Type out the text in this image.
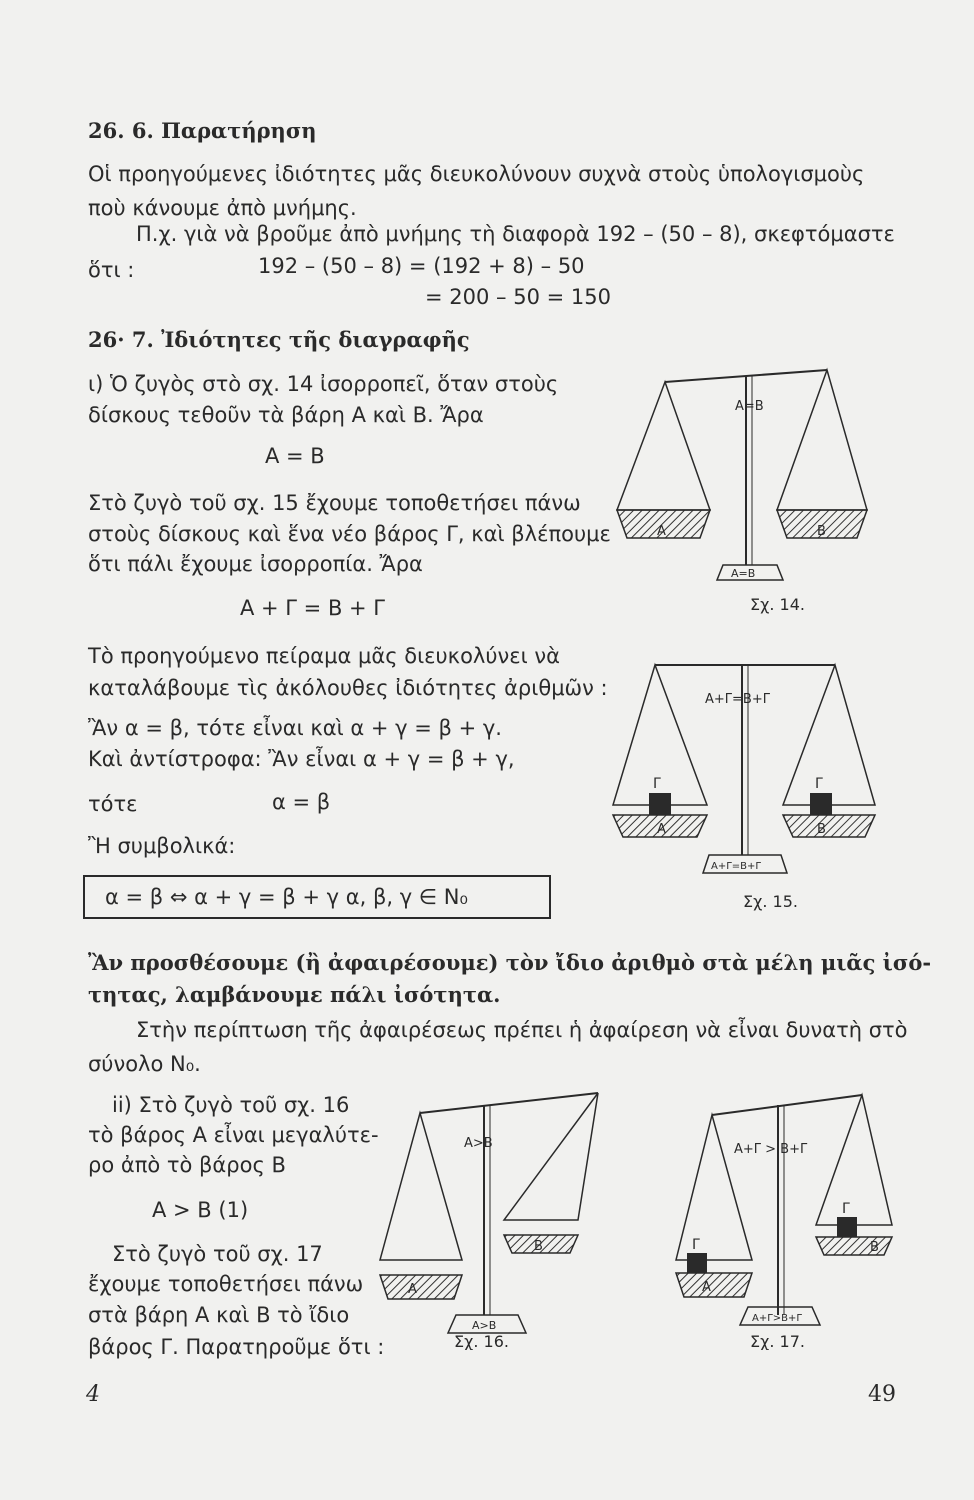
26. 6. Παρατήρηση
Οἱ προηγούμενες ἰδιότητες μᾶς διευκολύνουν συχνὰ στοὺς ὑπολογισμοὺς
ποὺ κάνουμε ἀπὸ μνήμης.
Π.χ. γιὰ νὰ βροῦμε ἀπὸ μνήμης τὴ διαφορὰ 192 – (50 – 8), σκεφτόμαστε
ὅτι :	192 – (50 – 8) = (192 + 8) – 50
= 200 – 50 = 150
26· 7. Ἰδιότητες τῆς διαγραφῆς
ι) Ὁ ζυγὸς στὸ σχ. 14 ἰσορροπεῖ, ὅταν στοὺς
δίσκους τεθοῦν τὰ βάρη Α καὶ Β. Ἄρα
Α = Β
Στὸ ζυγὸ τοῦ σχ. 15 ἔχουμε τοποθετήσει πάνω
στοὺς δίσκους καὶ ἕνα νέο βάρος Γ, καὶ βλέπουμε
ὅτι πάλι ἔχουμε ἰσορροπία. Ἄρα
Α + Γ = Β + Γ
Τὸ προηγούμενο πείραμα μᾶς διευκολύνει νὰ
καταλάβουμε τὶς ἀκόλουθες ἰδιότητες ἀριθμῶν :
Ἂν α = β, τότε εἶναι καὶ α + γ = β + γ.
Καὶ ἀντίστροφα: Ἂν εἶναι α + γ = β + γ,
τότε	α = β
Ἢ συμβολικά:
α = β ⇔ α + γ = β + γ α, β, γ ∈ N₀
Ἂν προσθέσουμε (ἢ ἀφαιρέσουμε) τὸν ἴδιο ἀριθμὸ στὰ μέλη μιᾶς ἰσό-
τητας, λαμβάνουμε πάλι ἰσότητα.
Στὴν περίπτωση τῆς ἀφαιρέσεως πρέπει ἡ ἀφαίρεση νὰ εἶναι δυνατὴ στὸ
σύνολο N₀.
ii) Στὸ ζυγὸ τοῦ σχ. 16
τὸ βάρος Α εἶναι μεγαλύτε-
ρο ἀπὸ τὸ βάρος Β
Α > Β (1)
Στὸ ζυγὸ τοῦ σχ. 17
ἔχουμε τοποθετήσει πάνω
στὰ βάρη Α καὶ Β τὸ ἴδιο
βάρος Γ. Παρατηροῦμε ὅτι :
Α	Β
Α=Β
Α=Β
Σχ. 14.
Γ	Γ
Α	Β
Α+Γ=Β+Γ
Α+Γ=Β+Γ
Σχ. 15.
Α
Β
Α>Β
Α>Β
Σχ. 16.
Γ
Γ
Α
Β
Α+Γ > Β+Γ
Α+Γ>Β+Γ
Σχ. 17.
4	49
